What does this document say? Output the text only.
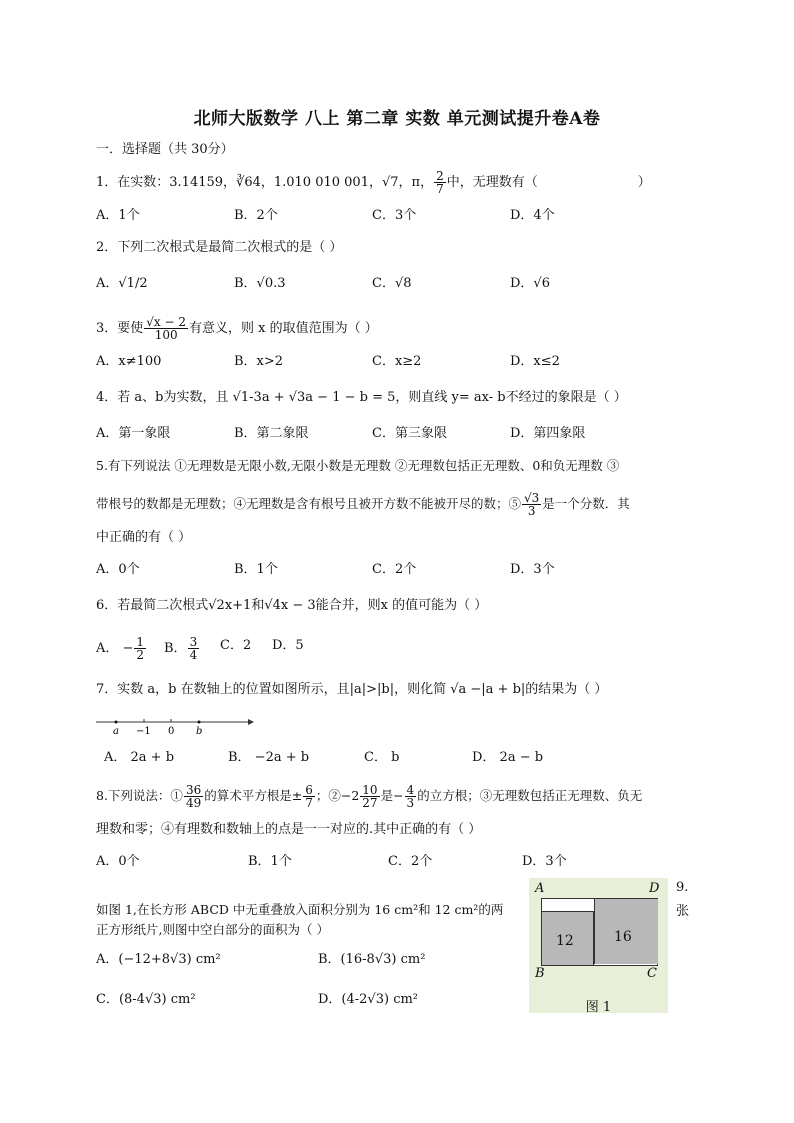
北师大版数学 八上 第二章 实数 单元测试提升卷A卷
一．选择题（共 30分）
1．在实数：3.14159，∛64，1.010 010 001，√7，π， $\frac{2}{7}$ 中，无理数有（	）
A．1个	B．2个	C．3个	D．4个
2．下列二次根式是最简二次根式的是（ ）
A．√1/2	B．√0.3	C．√8	D．√6
3．要使 $\frac{√x - 2}{100}$ 有意义，则 x 的取值范围为（ ）
A．x≠100	B．x>2	C．x≥2	D．x≤2
4．若 a、b为实数，且 √1-3a + √3a − 1 − b = 5，则直线 y= ax- b不经过的象限是（ ）
A．第一象限	B．第二象限	C．第三象限	D．第四象限
5.有下列说法 ①无理数是无限小数,无限小数是无理数 ②无理数包括正无理数、0和负无理数 ③
带根号的数都是无理数；④无理数是含有根号且被开方数不能被开尽的数；⑤ $\frac{√3}{3}$ 是一个分数．其
中正确的有（ ）
A．0个	B．1个	C．2个	D．3个
6．若最简二次根式√2x+1和√4x − 3能合并，则x 的值可能为（ ）
A． − $\frac{1}{2}$ B． $\frac{3}{4}$ C．2 D．5
7．实数 a，b 在数轴上的位置如图所示，且|a|>|b|，则化简 √a −|a + b|的结果为（ ）
a −1 0 b
A． 2a + b	B． −2a + b	C． b	D． 2a − b
8.下列说法：① $\frac{36}{49}$ 的算术平方根是± $\frac{6}{7}$ ；②−2 $\frac{10}{27}$ 是− $\frac{4}{3}$ 的立方根；③无理数包括正无理数、负无
理数和零；④有理数和数轴上的点是一一对应的.其中正确的有（ ）
A．0个	B．1个	C．2个	D．3个
9.
张
如图 1,在长方形 ABCD 中无重叠放入面积分别为 16 cm²和 12 cm²的两
正方形纸片,则图中空白部分的面积为（ ）
A．(−12+8√3) cm²	B．(16-8√3) cm²
C．(8-4√3) cm²	D．(4-2√3) cm²
A	D
12	16
B	C
图 1
